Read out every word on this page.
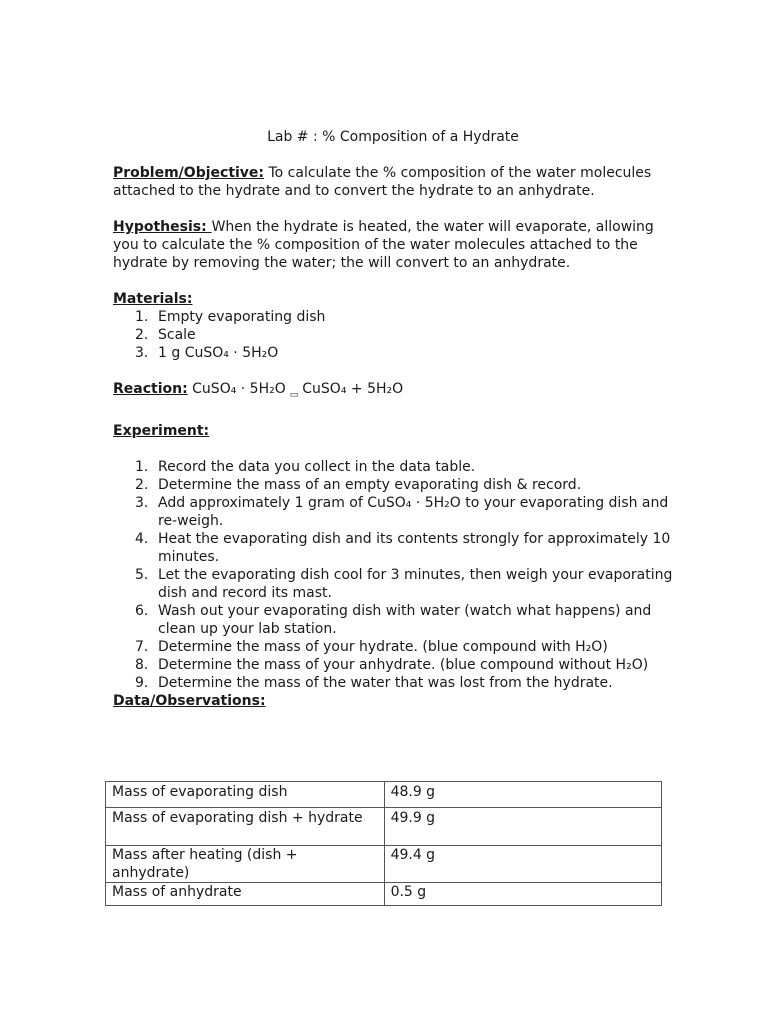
Lab # : % Composition of a Hydrate
Problem/Objective: To calculate the % composition of the water molecules attached to the hydrate and to convert the hydrate to an anhydrate.
Hypothesis: When the hydrate is heated, the water will evaporate, allowing you to calculate the % composition of the water molecules attached to the hydrate by removing the water; the will convert to an anhydrate.
Materials:
1. Empty evaporating dish
2. Scale
3. 1 g CuSO₄ · 5H₂O
Reaction: CuSO₄ · 5H₂O ▭ CuSO₄ + 5H₂O
Experiment:
1. Record the data you collect in the data table.
2. Determine the mass of an empty evaporating dish & record.
3. Add approximately 1 gram of CuSO₄ · 5H₂O to your evaporating dish and re-weigh.
4. Heat the evaporating dish and its contents strongly for approximately 10 minutes.
5. Let the evaporating dish cool for 3 minutes, then weigh your evaporating dish and record its mast.
6. Wash out your evaporating dish with water (watch what happens) and clean up your lab station.
7. Determine the mass of your hydrate. (blue compound with H₂O)
8. Determine the mass of your anhydrate. (blue compound without H₂O)
9. Determine the mass of the water that was lost from the hydrate.
Data/Observations:
Mass of evaporating dish	48.9 g
Mass of evaporating dish + hydrate	49.9 g
Mass after heating (dish + anhydrate)	49.4 g
Mass of anhydrate	0.5 g
